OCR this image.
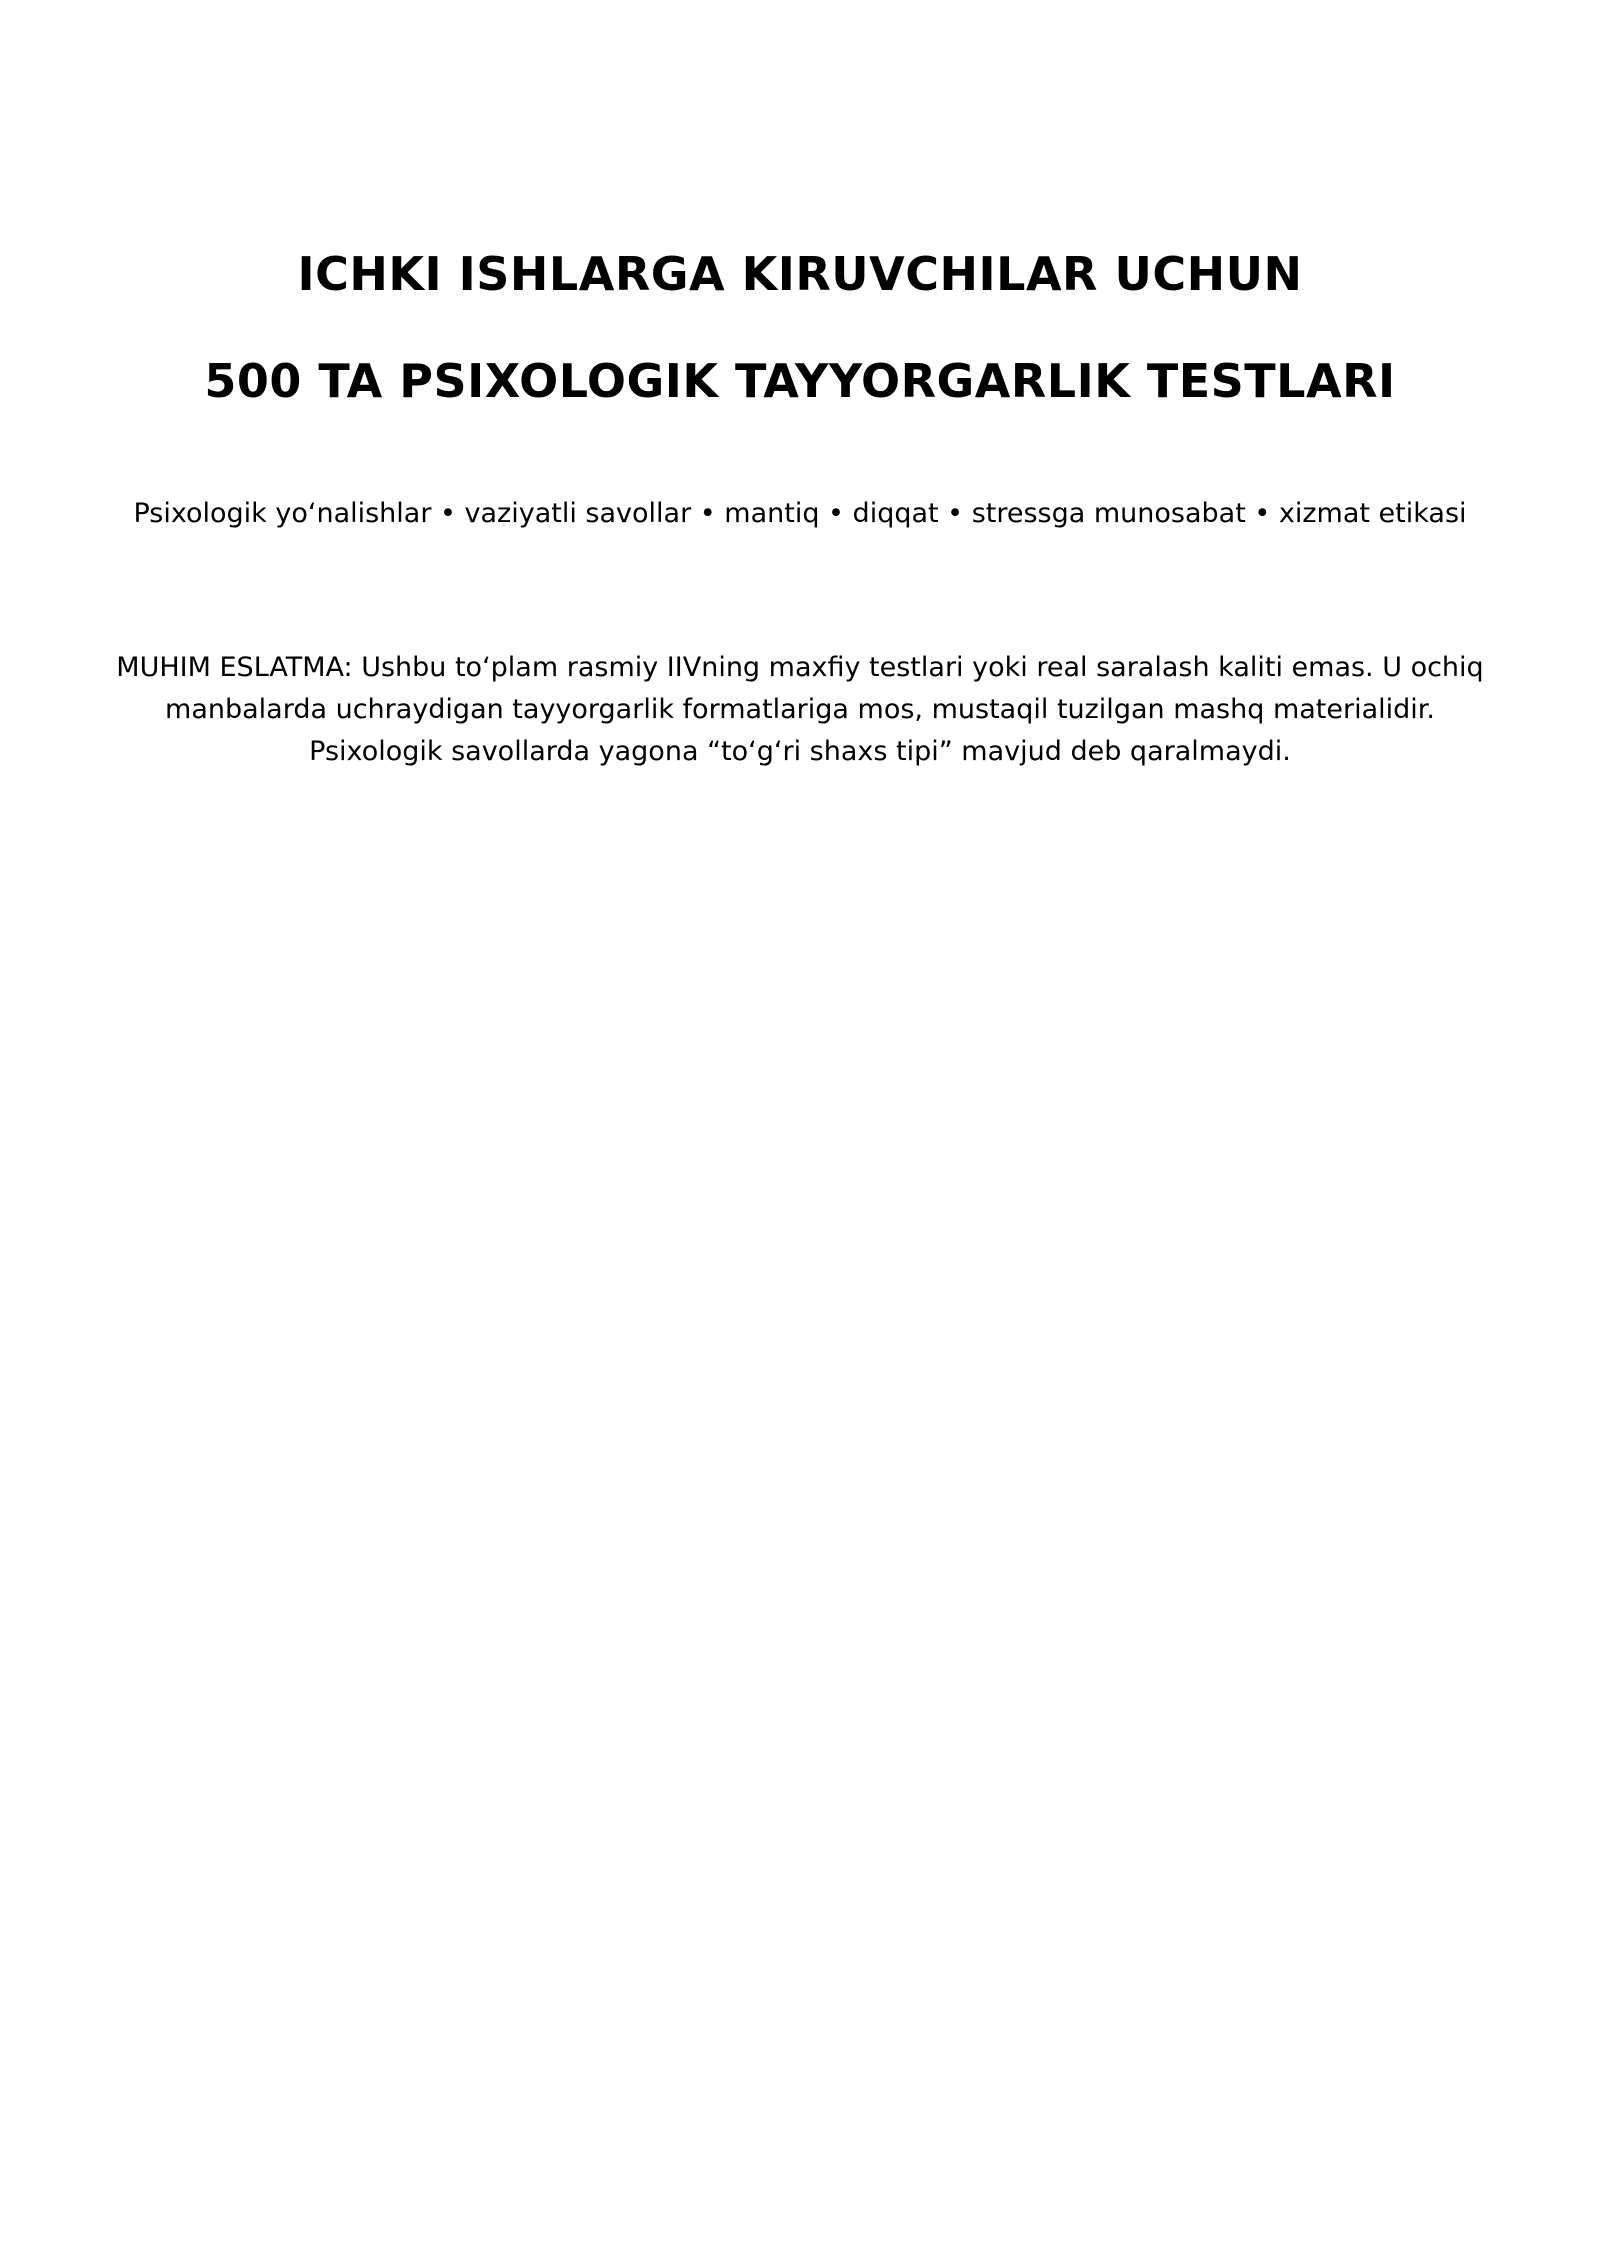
ICHKI ISHLARGA KIRUVCHILAR UCHUN
500 TA PSIXOLOGIK TAYYORGARLIK TESTLARI

Psixologik yo‘nalishlar • vaziyatli savollar • mantiq • diqqat • stressga munosabat • xizmat etikasi

MUHIM ESLATMA: Ushbu to‘plam rasmiy IIVning maxfiy testlari yoki real saralash kaliti emas. U ochiq manbalarda uchraydigan tayyorgarlik formatlariga mos, mustaqil tuzilgan mashq materialidir. Psixologik savollarda yagona “to‘g‘ri shaxs tipi” mavjud deb qaralmaydi.
